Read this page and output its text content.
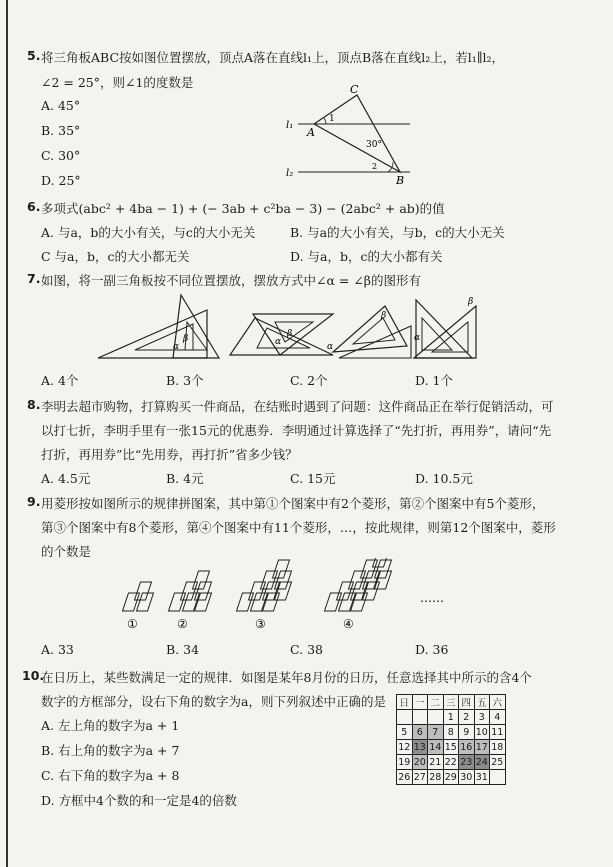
5. 将三角板ABC按如图位置摆放，顶点A落在直线l₁上，顶点B落在直线l₂上，若l₁∥l₂，
∠2 = 25°，则∠1的度数是
A. 45°
B. 35°
C. 30°
D. 25°
C
A
B
l₁
l₂
30°
1
2
6. 多项式(abc² + 4ba − 1) + (− 3ab + c²ba − 3) − (2abc² + ab)的值
A. 与a，b的大小有关，与c的大小无关	B. 与a的大小有关，与b，c的大小无关
C 与a，b，c的大小都无关	D. 与a，b，c的大小都有关
7. 如图，将一副三角板按不同位置摆放，摆放方式中∠α = ∠β的图形有
α
β	α
β
β
α
β
α
A. 4个	B. 3个	C. 2个	D. 1个
8. 李明去超市购物，打算购买一件商品，在结账时遇到了问题：这件商品正在举行促销活动，可
以打七折，李明手里有一张15元的优惠券．李明通过计算选择了“先打折，再用券”，请问“先
打折，再用券”比“先用券，再打折”省多少钱？
A. 4.5元	B. 4元	C. 15元	D. 10.5元
9. 用菱形按如图所示的规律拼图案，其中第①个图案中有2个菱形，第②个图案中有5个菱形，
第③个图案中有8个菱形，第④个图案中有11个菱形，…，按此规律，则第12个图案中，菱形
的个数是
①	②	③	④
……
A. 33	B. 34	C. 38	D. 36
10.
在日历上，某些数满足一定的规律．如图是某年8月份的日历，任意选择其中所示的含4个
数字的方框部分，设右下角的数字为a，则下列叙述中正确的是
A. 左上角的数字为a + 1
B. 右上角的数字为a + 7
C. 右下角的数字为a + 8
D. 方框中4个数的和一定是4的倍数
日	一	二	三	四	五	六
			1	2	3	4
5	6	7	8	9	10	11
12	13	14	15	16	17	18
19	20	21	22	23	24	25
26	27	28	29	30	31	
